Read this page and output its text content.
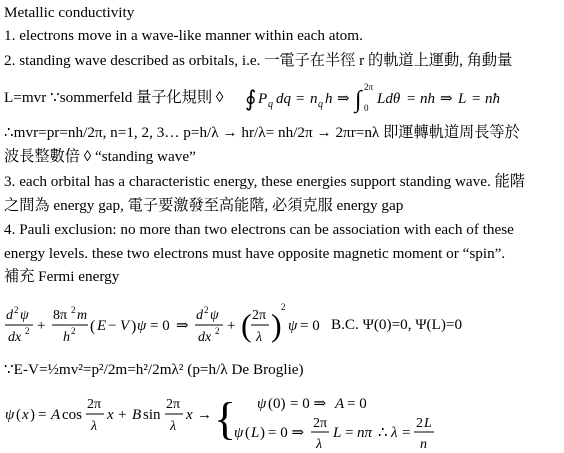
Metallic conductivity
1. electrons move in a wave-like manner within each atom.
2. standing wave described as orbitals, i.e. 一電子在半徑 r 的軌道上運動, 角動量
L=mvr ∵sommerfeld 量子化規則 ◊ ∮ P q dq = n q h ⇒ ∫ 2π
0
Ldθ = nh ⇒ L = nħ
∴mvr=pr=nh/2π, n=1, 2, 3… p=h/λ → hr/λ= nh/2π → 2πr=nλ 即運轉軌道周長等於
波長整數倍 ◊ “standing wave”
3. each orbital has a characteristic energy, these energies support standing wave. 能階
之間為 energy gap, 電子要激發至高能階, 必須克服 energy gap
4. Pauli exclusion: no more than two electrons can be association with each of these
energy levels. these two electrons must have opposite magnetic moment or “spin”.
補充 Fermi energy
d 2 ψ
dx 2 +
8π 2 m
h 2 ( E − V ) ψ = 0 ⇒
d 2 ψ
dx 2 + ( 2π
λ ) 2
ψ = 0 B.C. Ψ(0)=0, Ψ(L)=0
∵E-V=½mv²=p²/2m=h²/2mλ² (p=h/λ De Broglie)
ψ ( x ) = A cos
2π
λ
x + B sin
2π
λ
x → { ψ (0) = 0 ⇒ A = 0
ψ ( L ) = 0 ⇒
2π
λ
L = nπ ∴ λ =
2 L
n
